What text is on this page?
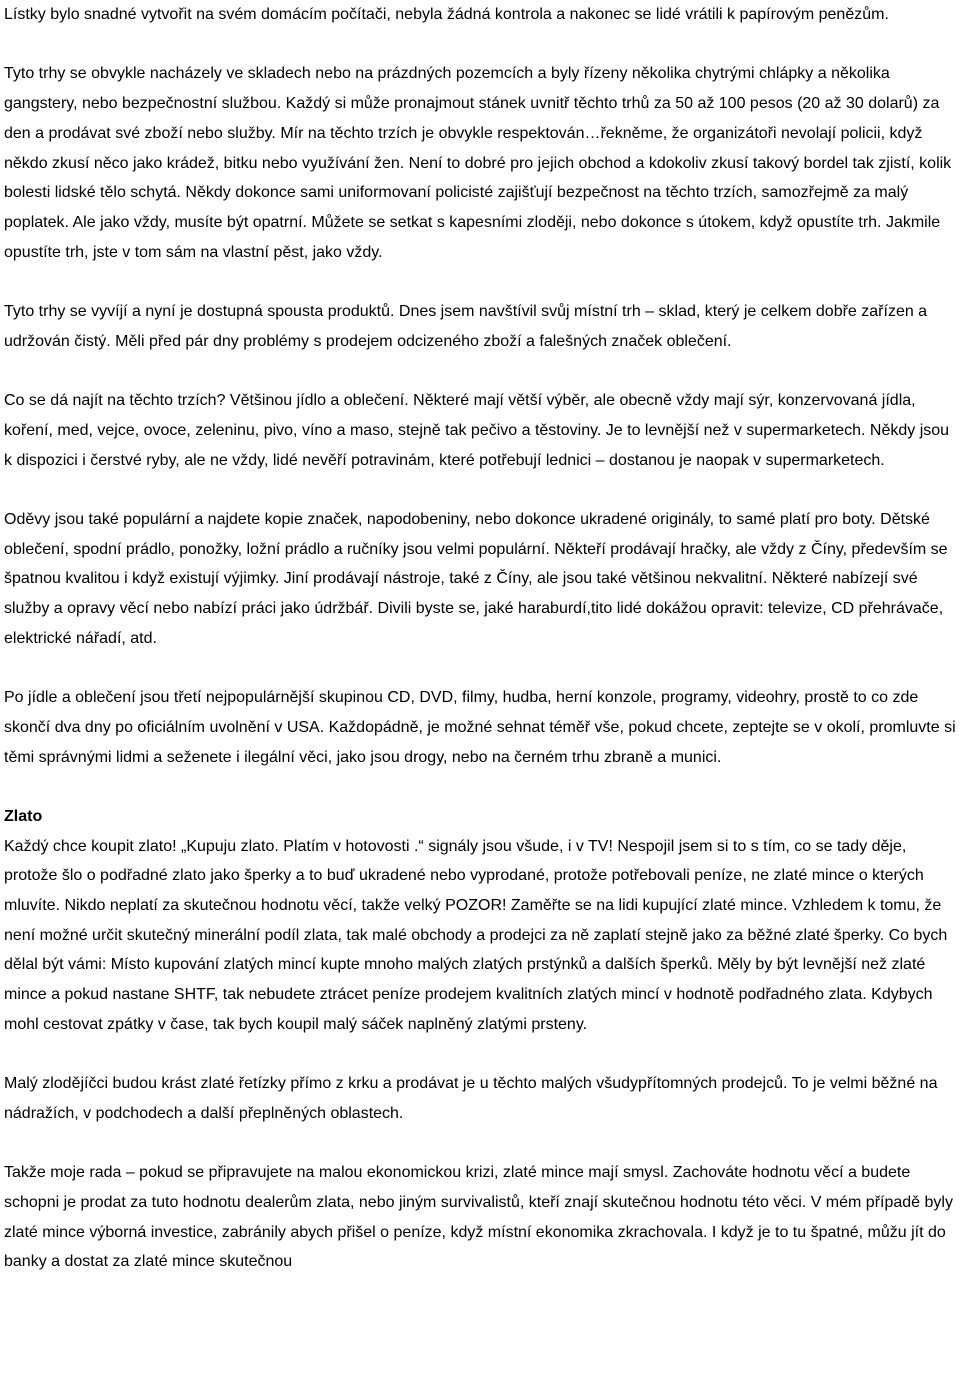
Lístky bylo snadné vytvořit na svém domácím počítači, nebyla žádná kontrola a nakonec se lidé vrátili k papírovým penězům.

Tyto trhy se obvykle nacházely ve skladech nebo na prázdných pozemcích a byly řízeny několika chytrými chlápky a několika gangstery, nebo bezpečnostní službou. Každý si může pronajmout stánek uvnitř těchto trhů za 50 až 100 pesos (20 až 30 dolarů) za den a prodávat své zboží nebo služby. Mír na těchto trzích je obvykle respektován…řekněme, že organizátoři nevolají policii, když někdo zkusí něco jako krádež, bitku nebo využívání žen. Není to dobré pro jejich obchod a kdokoliv zkusí takový bordel tak zjistí, kolik bolesti lidské tělo schytá. Někdy dokonce sami uniformovaní policisté zajišťují bezpečnost na těchto trzích, samozřejmě za malý poplatek. Ale jako vždy, musíte být opatrní. Můžete se setkat s kapesními zloději, nebo dokonce s útokem, když opustíte trh. Jakmile opustíte trh, jste v tom sám na vlastní pěst, jako vždy.

Tyto trhy se vyvíjí a nyní je dostupná spousta produktů. Dnes jsem navštívil svůj místní trh – sklad, který je celkem dobře zařízen a udržován čistý. Měli před pár dny problémy s prodejem odcizeného zboží a falešných značek oblečení.

Co se dá najít na těchto trzích? Většinou jídlo a oblečení. Některé mají větší výběr, ale obecně vždy mají sýr, konzervovaná jídla, koření, med, vejce, ovoce, zeleninu, pivo, víno a maso, stejně tak pečivo a těstoviny. Je to levnější než v supermarketech. Někdy jsou k dispozici i čerstvé ryby, ale ne vždy, lidé nevěří potravinám, které potřebují lednici – dostanou je naopak v supermarketech.

Oděvy jsou také populární a najdete kopie značek, napodobeniny, nebo dokonce ukradené originály, to samé platí pro boty. Dětské oblečení, spodní prádlo, ponožky, ložní prádlo a ručníky jsou velmi populární. Někteří prodávají hračky, ale vždy z Číny, především se špatnou kvalitou i když existují výjimky. Jiní prodávají nástroje, také z Číny, ale jsou také většinou nekvalitní. Některé nabízejí své služby a opravy věcí nebo nabízí práci jako údržbář. Divili byste se, jaké haraburdí,tito lidé dokážou opravit: televize, CD přehrávače, elektrické nářadí, atd.

Po jídle a oblečení jsou třetí nejpopulárnější skupinou CD, DVD, filmy, hudba, herní konzole, programy, videohry, prostě to co zde skončí dva dny po oficiálním uvolnění v USA. Každopádně, je možné sehnat téměř vše, pokud chcete, zeptejte se v okolí, promluvte si těmi správnými lidmi a seženete i ilegální věci, jako jsou drogy, nebo na černém trhu zbraně a munici.

Zlato

Každý chce koupit zlato! „Kupuju zlato. Platím v hotovosti .“ signály jsou všude, i v TV! Nespojil jsem si to s tím, co se tady děje, protože šlo o podřadné zlato jako šperky a to buď ukradené nebo vyprodané, protože potřebovali peníze, ne zlaté mince o kterých mluvíte. Nikdo neplatí za skutečnou hodnotu věcí, takže velký POZOR! Zaměřte se na lidi kupující zlaté mince. Vzhledem k tomu, že není možné určit skutečný minerální podíl zlata, tak malé obchody a prodejci za ně zaplatí stejně jako za běžné zlaté šperky. Co bych dělal být vámi: Místo kupování zlatých mincí kupte mnoho malých zlatých prstýnků a dalších šperků. Měly by být levnější než zlaté mince a pokud nastane SHTF, tak nebudete ztrácet peníze prodejem kvalitních zlatých mincí v hodnotě podřadného zlata. Kdybych mohl cestovat zpátky v čase, tak bych koupil malý sáček naplněný zlatými prsteny.

Malý zlodějíčci budou krást zlaté řetízky přímo z krku a prodávat je u těchto malých všudypřítomných prodejců. To je velmi běžné na nádražích, v podchodech a další přeplněných oblastech.

Takže moje rada – pokud se připravujete na malou ekonomickou krizi, zlaté mince mají smysl. Zachováte hodnotu věcí a budete schopni je prodat za tuto hodnotu dealerům zlata, nebo jiným survivalistů, kteří znají skutečnou hodnotu této věci. V mém případě byly zlaté mince výborná investice, zabránily abych přišel o peníze, když místní ekonomika zkrachovala. I když je to tu špatné, můžu jít do banky a dostat za zlaté mince skutečnou
